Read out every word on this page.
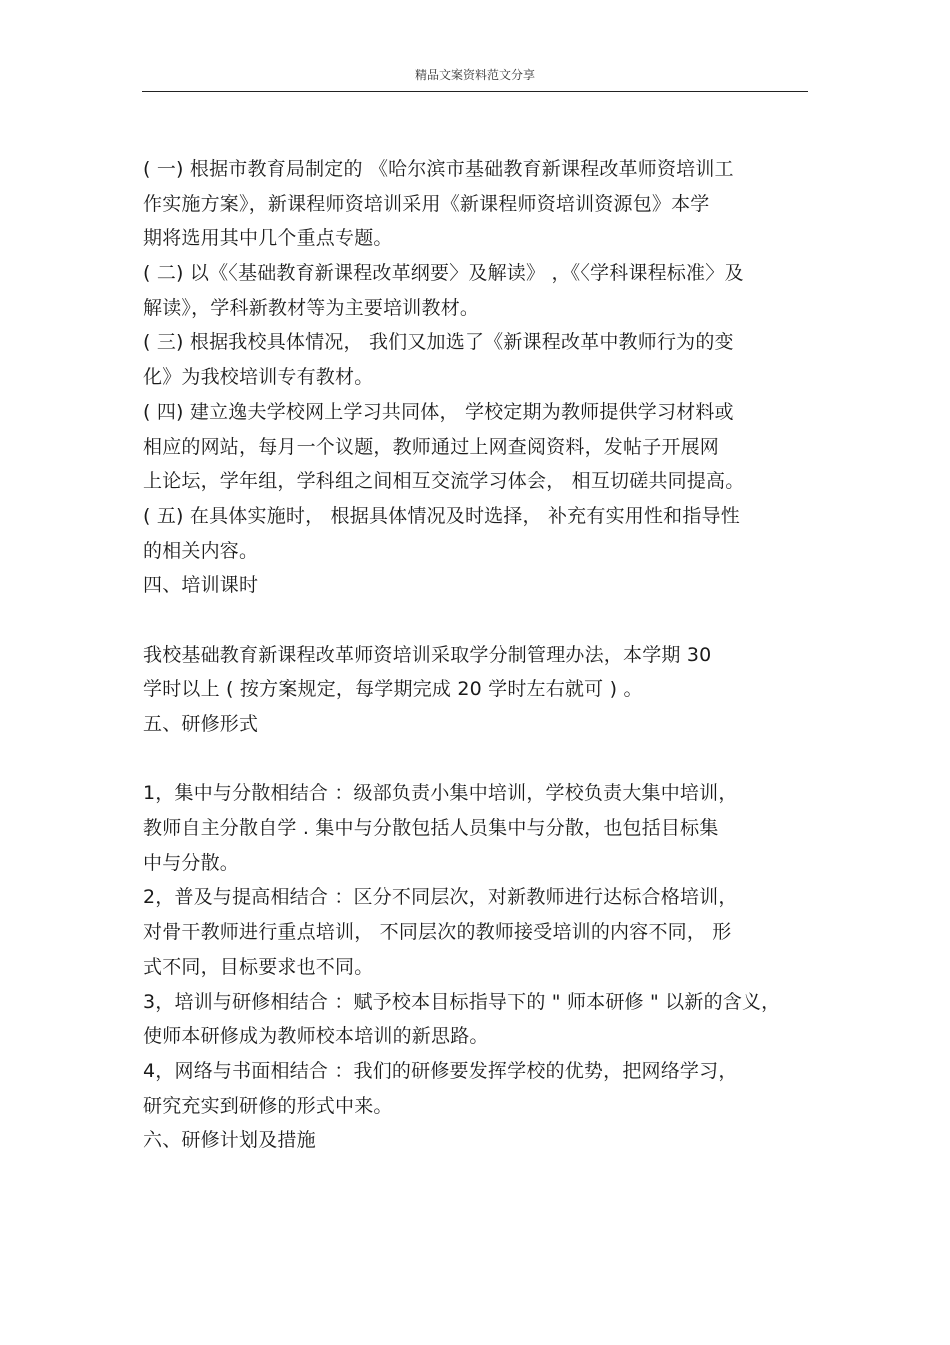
精品文案资料范文分享
( 一) 根据市教育局制定的 《哈尔滨市基础教育新课程改革师资培训工
作实施方案》，新课程师资培训采用《新课程师资培训资源包》本学
期将选用其中几个重点专题。
( 二) 以《〈基础教育新课程改革纲要〉及解读》 ，《〈学科课程标准〉及
解读》，学科新教材等为主要培训教材。
( 三) 根据我校具体情况， 我们又加选了《新课程改革中教师行为的变
化》为我校培训专有教材。
( 四) 建立逸夫学校网上学习共同体， 学校定期为教师提供学习材料或
相应的网站，每月一个议题，教师通过上网查阅资料，发帖子开展网
上论坛，学年组，学科组之间相互交流学习体会， 相互切磋共同提高。
( 五) 在具体实施时， 根据具体情况及时选择， 补充有实用性和指导性
的相关内容。
四、培训课时
我校基础教育新课程改革师资培训采取学分制管理办法，本学期 30
学时以上 ( 按方案规定，每学期完成 20 学时左右就可 ) 。
五、研修形式
1，集中与分散相结合 ：级部负责小集中培训，学校负责大集中培训，
教师自主分散自学 . 集中与分散包括人员集中与分散，也包括目标集
中与分散。
2，普及与提高相结合 ：区分不同层次，对新教师进行达标合格培训，
对骨干教师进行重点培训， 不同层次的教师接受培训的内容不同， 形
式不同，目标要求也不同。
3，培训与研修相结合 ：赋予校本目标指导下的 " 师本研修 " 以新的含义，
使师本研修成为教师校本培训的新思路。
4，网络与书面相结合 ：我们的研修要发挥学校的优势，把网络学习，
研究充实到研修的形式中来。
六、研修计划及措施
